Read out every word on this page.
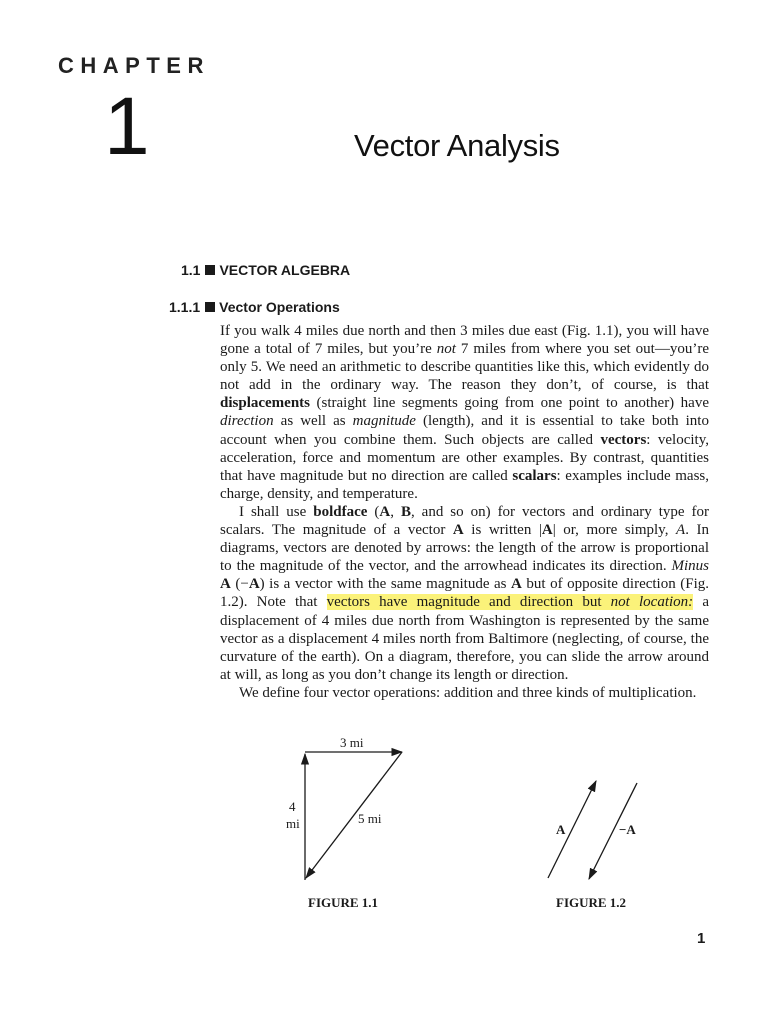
CHAPTER
1	Vector Analysis
1.1 VECTOR ALGEBRA
1.1.1 Vector Operations

If you walk 4 miles due north and then 3 miles due east (Fig. 1.1), you will have gone a total of 7 miles, but you’re not 7 miles from where you set out—you’re only 5. We need an arithmetic to describe quantities like this, which evidently do not add in the ordinary way. The reason they don’t, of course, is that displacements (straight line segments going from one point to another) have direction as well as magnitude (length), and it is essential to take both into account when you combine them. Such objects are called vectors: velocity, acceleration, force and momentum are other examples. By contrast, quantities that have magnitude but no direction are called scalars: examples include mass, charge, density, and temperature.

I shall use boldface (A, B, and so on) for vectors and ordinary type for scalars. The magnitude of a vector A is written |A| or, more simply, A. In diagrams, vectors are denoted by arrows: the length of the arrow is proportional to the magnitude of the vector, and the arrowhead indicates its direction. Minus A (−A) is a vector with the same magnitude as A but of opposite direction (Fig. 1.2). Note that vectors have magnitude and direction but not location: a displacement of 4 miles due north from Washington is represented by the same vector as a displacement 4 miles north from Baltimore (neglecting, of course, the curvature of the earth). On a diagram, therefore, you can slide the arrow around at will, as long as you don’t change its length or direction.

We define four vector operations: addition and three kinds of multiplication.

3 mi
4
mi	5 mi
FIGURE 1.1
A	−A
FIGURE 1.2
1
